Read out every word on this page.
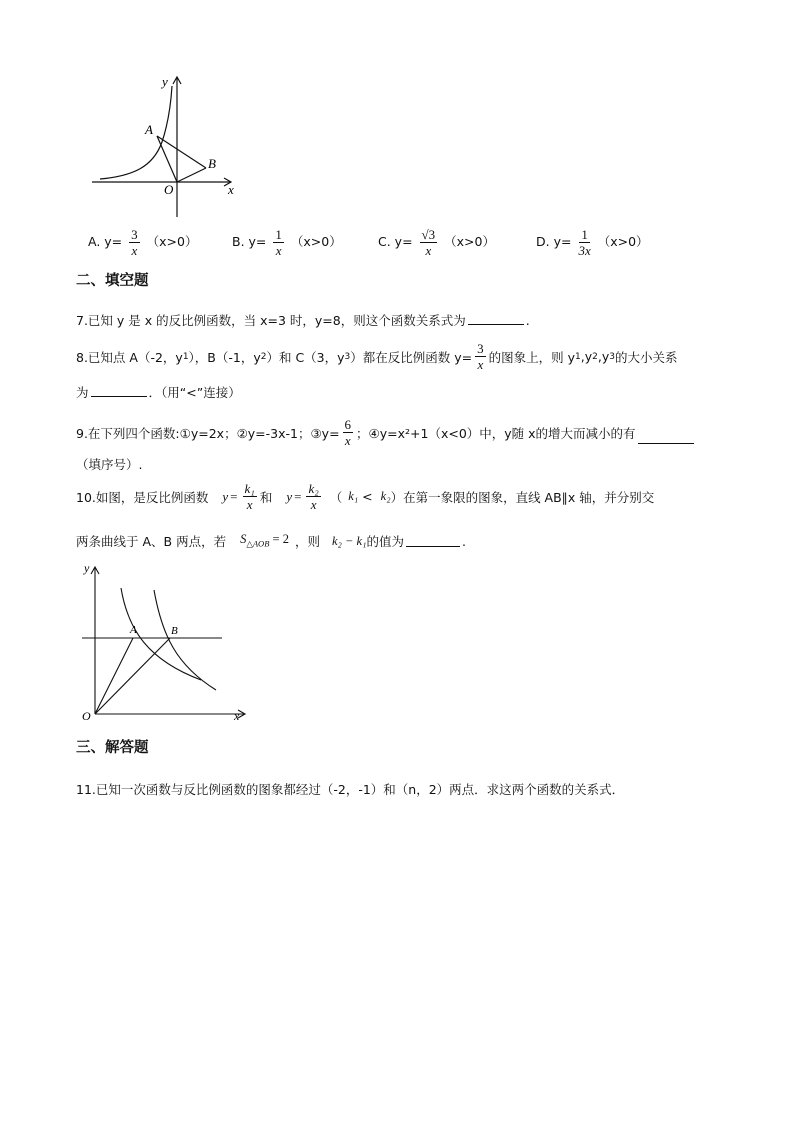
y
x
O
A
B
A. $y= \frac{3}{x} (x>0)$	B. $y= \frac{1}{x} (x>0)$	C. $y= \frac{√3}{x} (x>0)$	D. $y= \frac{1}{3x} (x>0)$
二、填空题
7.已知 y 是 x 的反比例函数，当 x=3 时，y=8，则这个函数关系式为	.
8.已知点 A（-2，y 1 ），B（-1，y 2 ）和 C（3，y 3 ）都在反比例函数 $y= \frac{3}{x}$ 的图象上，则 y 1 ,y 2 ,y 3 的大小关系
为	．（用“<”连接）
9.在下列四个函数:①y=2x；②y=-3x-1；③y= $\frac{6}{x}$ ；④y=x²+1（x<0）中，y随 x的增大而减小的有
（填序号）.
10.如图，是反比例函数 $y = \frac{\text{k₁}}{x}$ 和 $y = \frac{\text{k₂}}{x}$ （ k₁ < k₂ ）在第一象限的图象，直线 AB∥x 轴，并分别交
两条曲线于 A、B 两点，若 $S_{\triangle AOB} = 2$ ，则 k₂ − k₁ 的值为	.
y
x
O
A	B
三、解答题
11.已知一次函数与反比例函数的图象都经过（-2，-1）和（n，2）两点．求这两个函数的关系式．
